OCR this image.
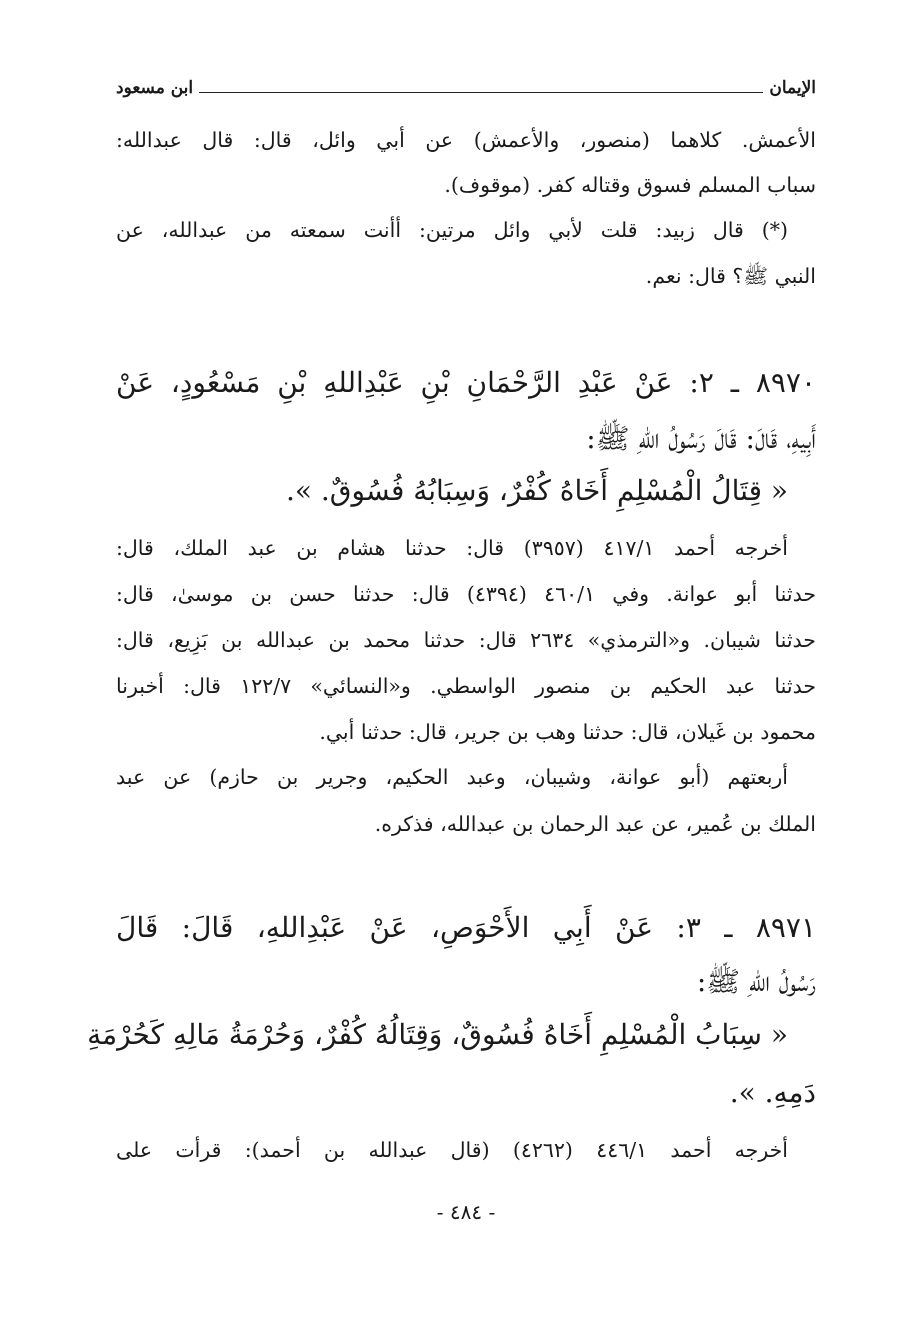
الإيمان
ابن مسعود
الأعمش. كلاهما (منصور، والأعمش) عن أبي وائل، قال: قال عبدالله:
سباب المسلم فسوق وقتاله كفر. (موقوف).
(*) قال زبيد: قلت لأبي وائل مرتين: أأنت سمعته من عبدالله، عن
النبي ﷺ؟ قال: نعم.
٨٩٧٠ ـ ٢: عَنْ عَبْدِ الرَّحْمَانِ بْنِ عَبْدِاللهِ بْنِ مَسْعُودٍ، عَنْ
أَبِيهِ، قَالَ: قَالَ رَسُولُ اللهِ ﷺ:
« قِتَالُ الْمُسْلِمِ أَخَاهُ كُفْرٌ، وَسِبَابُهُ فُسُوقٌ. ».
أخرجه أحمد ٤١٧/١ (٣٩٥٧) قال: حدثنا هشام بن عبد الملك، قال:
حدثنا أبو عوانة. وفي ٤٦٠/١ (٤٣٩٤) قال: حدثنا حسن بن موسىٰ، قال:
حدثنا شيبان. و«الترمذي» ٢٦٣٤ قال: حدثنا محمد بن عبدالله بن بَزِيع، قال:
حدثنا عبد الحكيم بن منصور الواسطي. و«النسائي» ١٢٢/٧ قال: أخبرنا
محمود بن غَيلان، قال: حدثنا وهب بن جرير، قال: حدثنا أبي.
أربعتهم (أبو عوانة، وشيبان، وعبد الحكيم، وجرير بن حازم) عن عبد
الملك بن عُمير، عن عبد الرحمان بن عبدالله، فذكره.
٨٩٧١ ـ ٣: عَنْ أَبِي الأَحْوَصِ، عَنْ عَبْدِاللهِ، قَالَ: قَالَ
رَسُولُ اللهِ ﷺ:
« سِبَابُ الْمُسْلِمِ أَخَاهُ فُسُوقٌ، وَقِتَالُهُ كُفْرٌ، وَحُرْمَةُ مَالِهِ كَحُرْمَةِ
دَمِهِ. ».
أخرجه أحمد ٤٤٦/١ (٤٢٦٢) (قال عبدالله بن أحمد): قرأت على
- ٤٨٤ -
